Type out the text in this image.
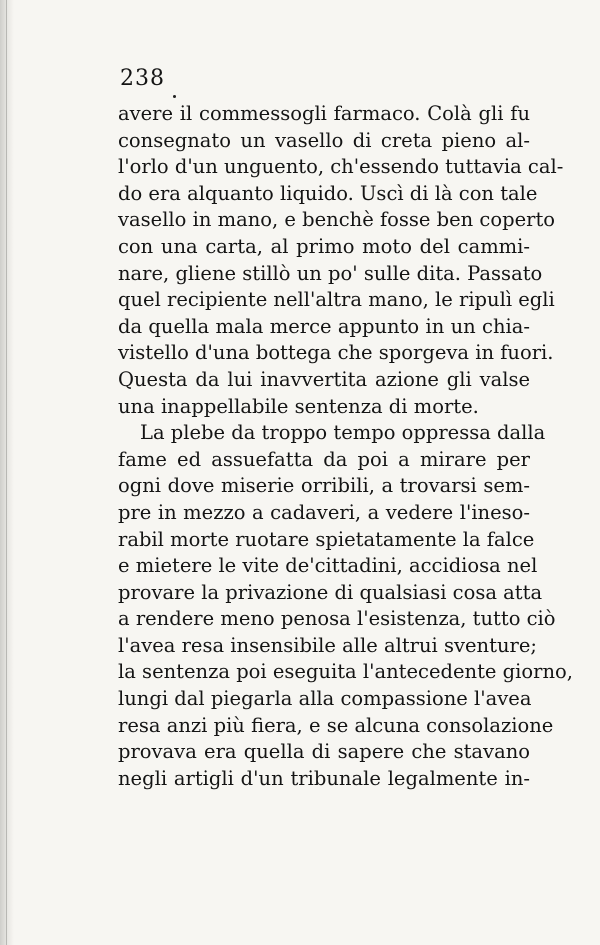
238
avere il commessogli farmaco. Colà gli fu
consegnato un vasello di creta pieno al-
l'orlo d'un unguento, ch'essendo tuttavia cal-
do era alquanto liquido. Uscì di là con tale
vasello in mano, e benchè fosse ben coperto
con una carta, al primo moto del cammi-
nare, gliene stillò un po' sulle dita. Passato
quel recipiente nell'altra mano, le ripulì egli
da quella mala merce appunto in un chia-
vistello d'una bottega che sporgeva in fuori.
Questa da lui inavvertita azione gli valse
una inappellabile sentenza di morte.
La plebe da troppo tempo oppressa dalla
fame ed assuefatta da poi a mirare per
ogni dove miserie orribili, a trovarsi sem-
pre in mezzo a cadaveri, a vedere l'ineso-
rabil morte ruotare spietatamente la falce
e mietere le vite de'cittadini, accidiosa nel
provare la privazione di qualsiasi cosa atta
a rendere meno penosa l'esistenza, tutto ciò
l'avea resa insensibile alle altrui sventure;
la sentenza poi eseguita l'antecedente giorno,
lungi dal piegarla alla compassione l'avea
resa anzi più fiera, e se alcuna consolazione
provava era quella di sapere che stavano
negli artigli d'un tribunale legalmente in-
